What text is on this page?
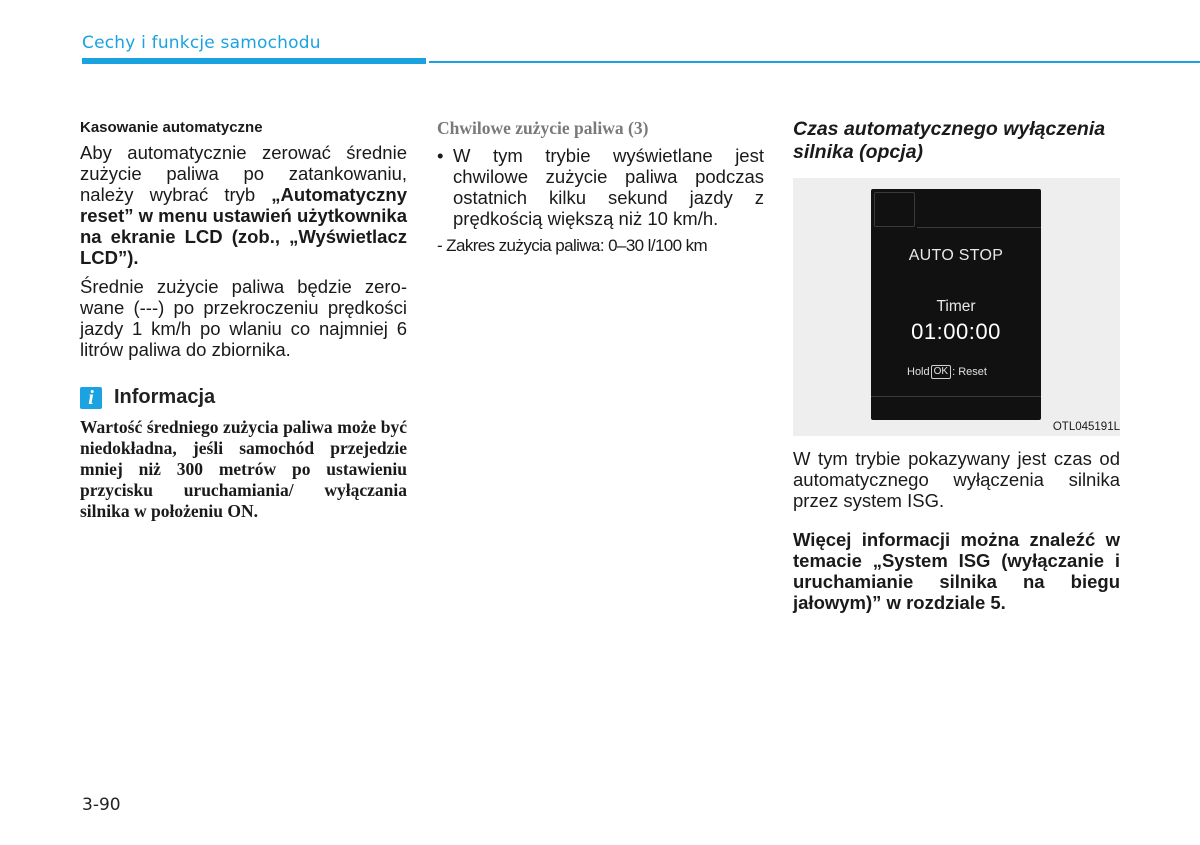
Cechy i funkcje samochodu
Kasowanie automatyczne

Aby automatycznie zerować średnie zużycie paliwa po zatankowaniu, należy wybrać tryb „Automatyczny reset” w menu ustawień użytkownika na ekranie LCD (zob., „Wyświetlacz LCD”).

Średnie zużycie paliwa będzie zerowane (---) po przekroczeniu prędkości jazdy 1 km/h po wlaniu co najmniej 6 litrów paliwa do zbiornika.

i	Informacja

Wartość średniego zużycia paliwa może być niedokładna, jeśli samochód przejedzie mniej niż 300 metrów po ustawieniu przycisku uruchamiania/ wyłączania silnika w położeniu ON.

Chwilowe zużycie paliwa (3)
• W tym trybie wyświetlane jest chwilowe zużycie paliwa podczas ostatnich kilku sekund jazdy z prędkością większą niż 10 km/h.

- Zakres zużycia paliwa: 0–30 l/100 km

Czas automatycznego wyłączenia silnika (opcja)
AUTO STOP
Timer
01:00:00
Hold OK : Reset
OTL045191L

W tym trybie pokazywany jest czas od automatycznego wyłączenia silnika przez system ISG.

Więcej informacji można znaleźć w temacie „System ISG (wyłączanie i uruchamianie silnika na biegu jałowym)” w rozdziale 5.

3-90
